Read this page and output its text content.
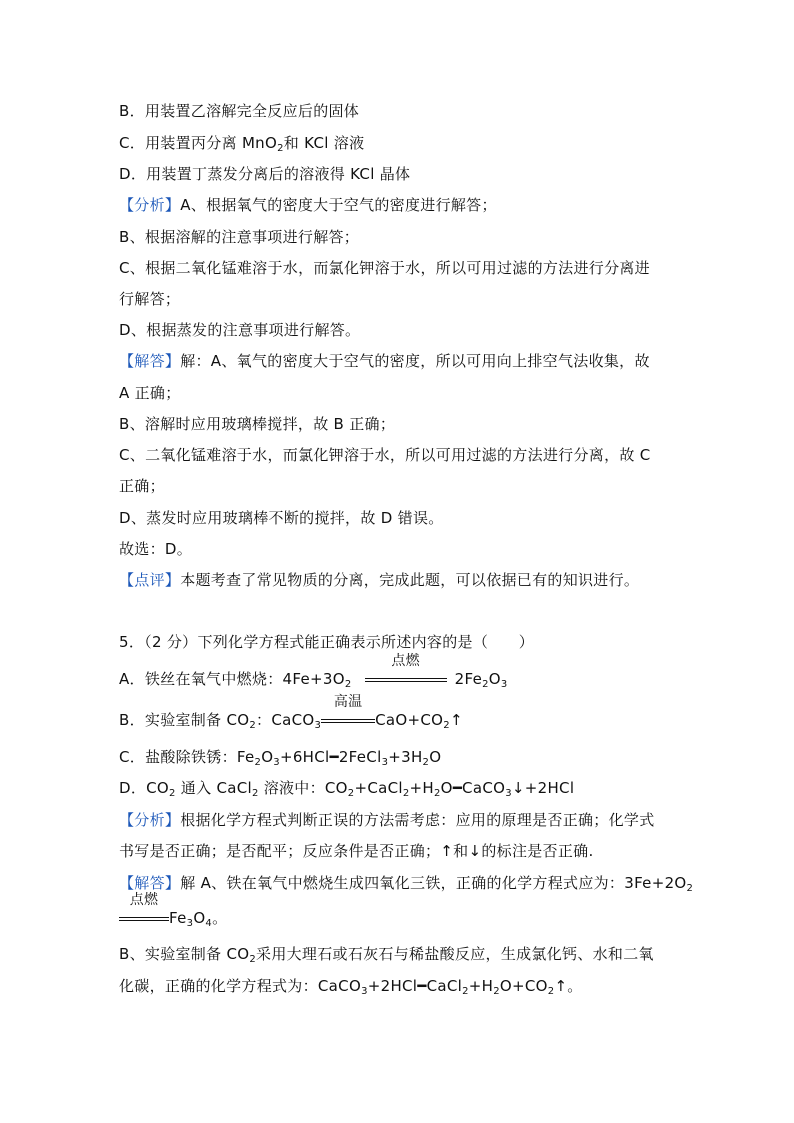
B．用装置乙溶解完全反应后的固体
C．用装置丙分离 MnO$_2$和 KCl 溶液
D．用装置丁蒸发分离后的溶液得 KCl 晶体
【分析】A、根据氧气的密度大于空气的密度进行解答；
B、根据溶解的注意事项进行解答；
C、根据二氧化锰难溶于水，而氯化钾溶于水，所以可用过滤的方法进行分离进
行解答；
D、根据蒸发的注意事项进行解答。
【解答】解：A、氧气的密度大于空气的密度，所以可用向上排空气法收集，故
A 正确；
B、溶解时应用玻璃棒搅拌，故 B 正确；
C、二氧化锰难溶于水，而氯化钾溶于水，所以可用过滤的方法进行分离，故 C
正确；
D、蒸发时应用玻璃棒不断的搅拌，故 D 错误。
故选：D。
【点评】本题考查了常见物质的分离，完成此题，可以依据已有的知识进行。
5．（2 分）下列化学方程式能正确表示所述内容的是（　　）
A．铁丝在氧气中燃烧：$4Fe+3O_2$
点燃
$2Fe_2O_3$
B．实验室制备 $CO_2$：CaCO$_3$
高温
$CaO+CO_2↑$
C．盐酸除铁锈：$Fe_2O_3+6HCl━2FeCl_3+3H_2O$
D．$CO_2$ 通入 CaCl$_2$ 溶液中：$CO_2+CaCl_2+H_2O━CaCO_3↓+2HCl$
【分析】根据化学方程式判断正误的方法需考虑：应用的原理是否正确；化学式
书写是否正确；是否配平；反应条件是否正确；↑和↓的标注是否正确.
【解答】解 A、铁在氧气中燃烧生成四氧化三铁，正确的化学方程式应为：$3Fe+2O_2$
点燃
$Fe_3O_4$。
B、实验室制备 $CO_2$采用大理石或石灰石与稀盐酸反应，生成氯化钙、水和二氧
化碳，正确的化学方程式为：$CaCO_3+2HCl━CaCl_2+H_2O+CO_2↑$。
